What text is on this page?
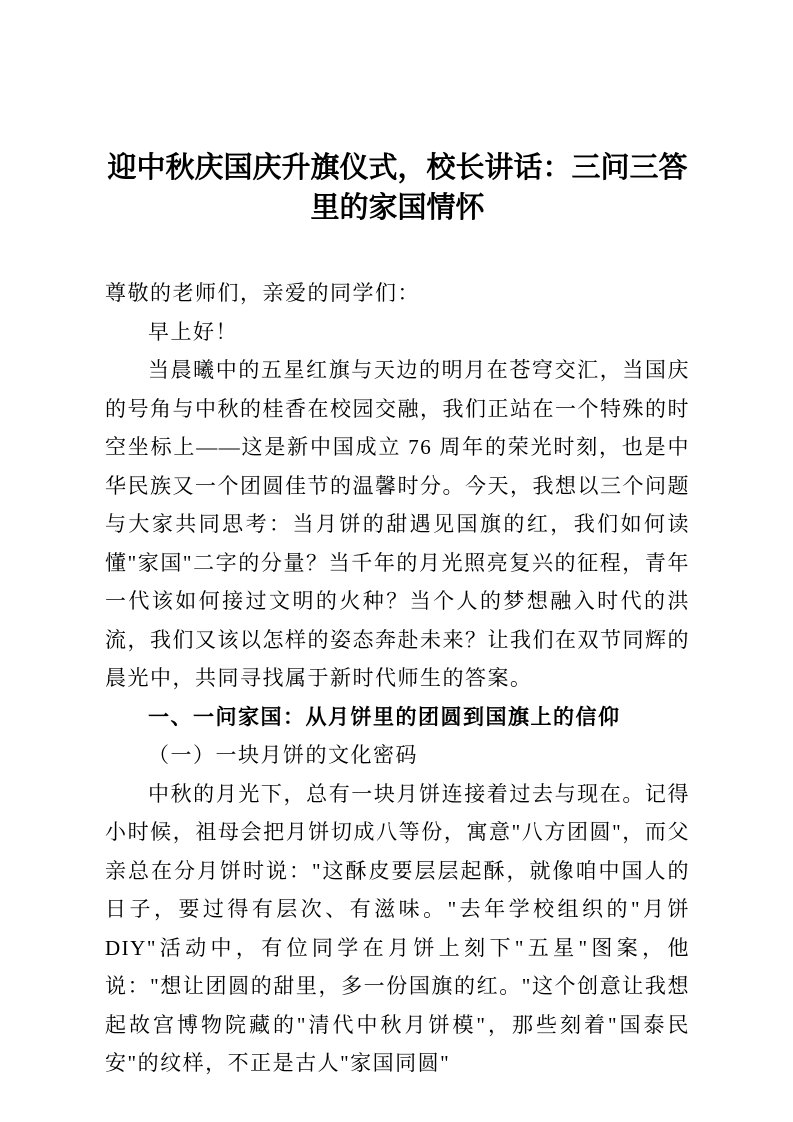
迎中秋庆国庆升旗仪式，校长讲话：三问三答里的家国情怀

尊敬的老师们，亲爱的同学们：

早上好！

当晨曦中的五星红旗与天边的明月在苍穹交汇，当国庆的号角与中秋的桂香在校园交融，我们正站在一个特殊的时空坐标上——这是新中国成立 76 周年的荣光时刻，也是中华民族又一个团圆佳节的温馨时分。今天，我想以三个问题与大家共同思考：当月饼的甜遇见国旗的红，我们如何读懂"家国"二字的分量？当千年的月光照亮复兴的征程，青年一代该如何接过文明的火种？当个人的梦想融入时代的洪流，我们又该以怎样的姿态奔赴未来？让我们在双节同辉的晨光中，共同寻找属于新时代师生的答案。

一、一问家国：从月饼里的团圆到国旗上的信仰

（一）一块月饼的文化密码

中秋的月光下，总有一块月饼连接着过去与现在。记得小时候，祖母会把月饼切成八等份，寓意"八方团圆"，而父亲总在分月饼时说："这酥皮要层层起酥，就像咱中国人的日子，要过得有层次、有滋味。"去年学校组织的"月饼 DIY"活动中，有位同学在月饼上刻下"五星"图案，他说："想让团圆的甜里，多一份国旗的红。"这个创意让我想起故宫博物院藏的"清代中秋月饼模"，那些刻着"国泰民安"的纹样，不正是古人"家国同圆"
